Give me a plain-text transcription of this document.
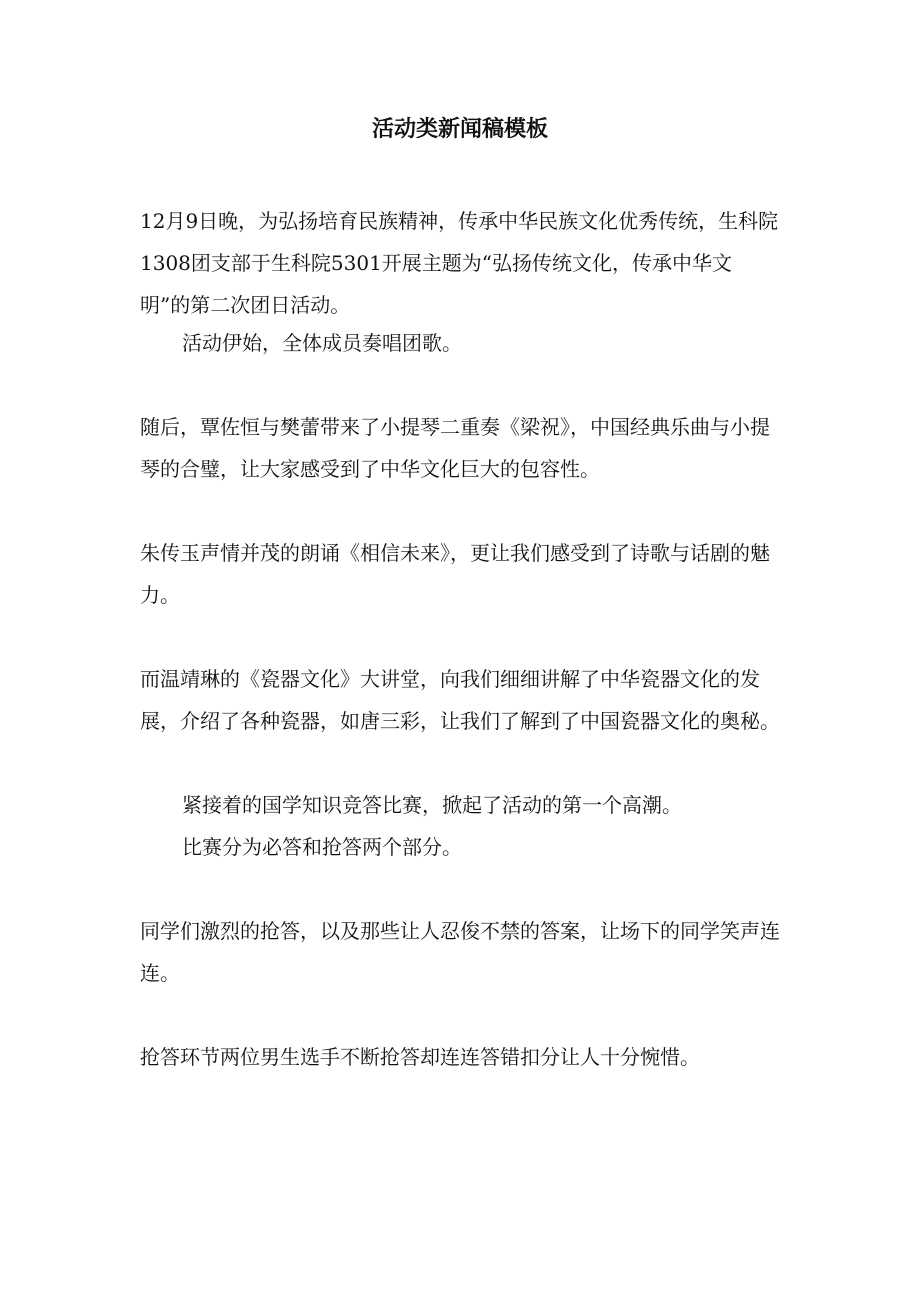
活动类新闻稿模板

12月9日晚，为弘扬培育民族精神，传承中华民族文化优秀传统，生科院1308团支部于生科院5301开展主题为“弘扬传统文化，传承中华文明”的第二次团日活动。

活动伊始，全体成员奏唱团歌。

随后，覃佐恒与樊蕾带来了小提琴二重奏《梁祝》，中国经典乐曲与小提琴的合璧，让大家感受到了中华文化巨大的包容性。

朱传玉声情并茂的朗诵《相信未来》，更让我们感受到了诗歌与话剧的魅力。

而温靖琳的《瓷器文化》大讲堂，向我们细细讲解了中华瓷器文化的发展，介绍了各种瓷器，如唐三彩，让我们了解到了中国瓷器文化的奥秘。

紧接着的国学知识竞答比赛，掀起了活动的第一个高潮。

比赛分为必答和抢答两个部分。

同学们激烈的抢答，以及那些让人忍俊不禁的答案，让场下的同学笑声连连。

抢答环节两位男生选手不断抢答却连连答错扣分让人十分惋惜。
